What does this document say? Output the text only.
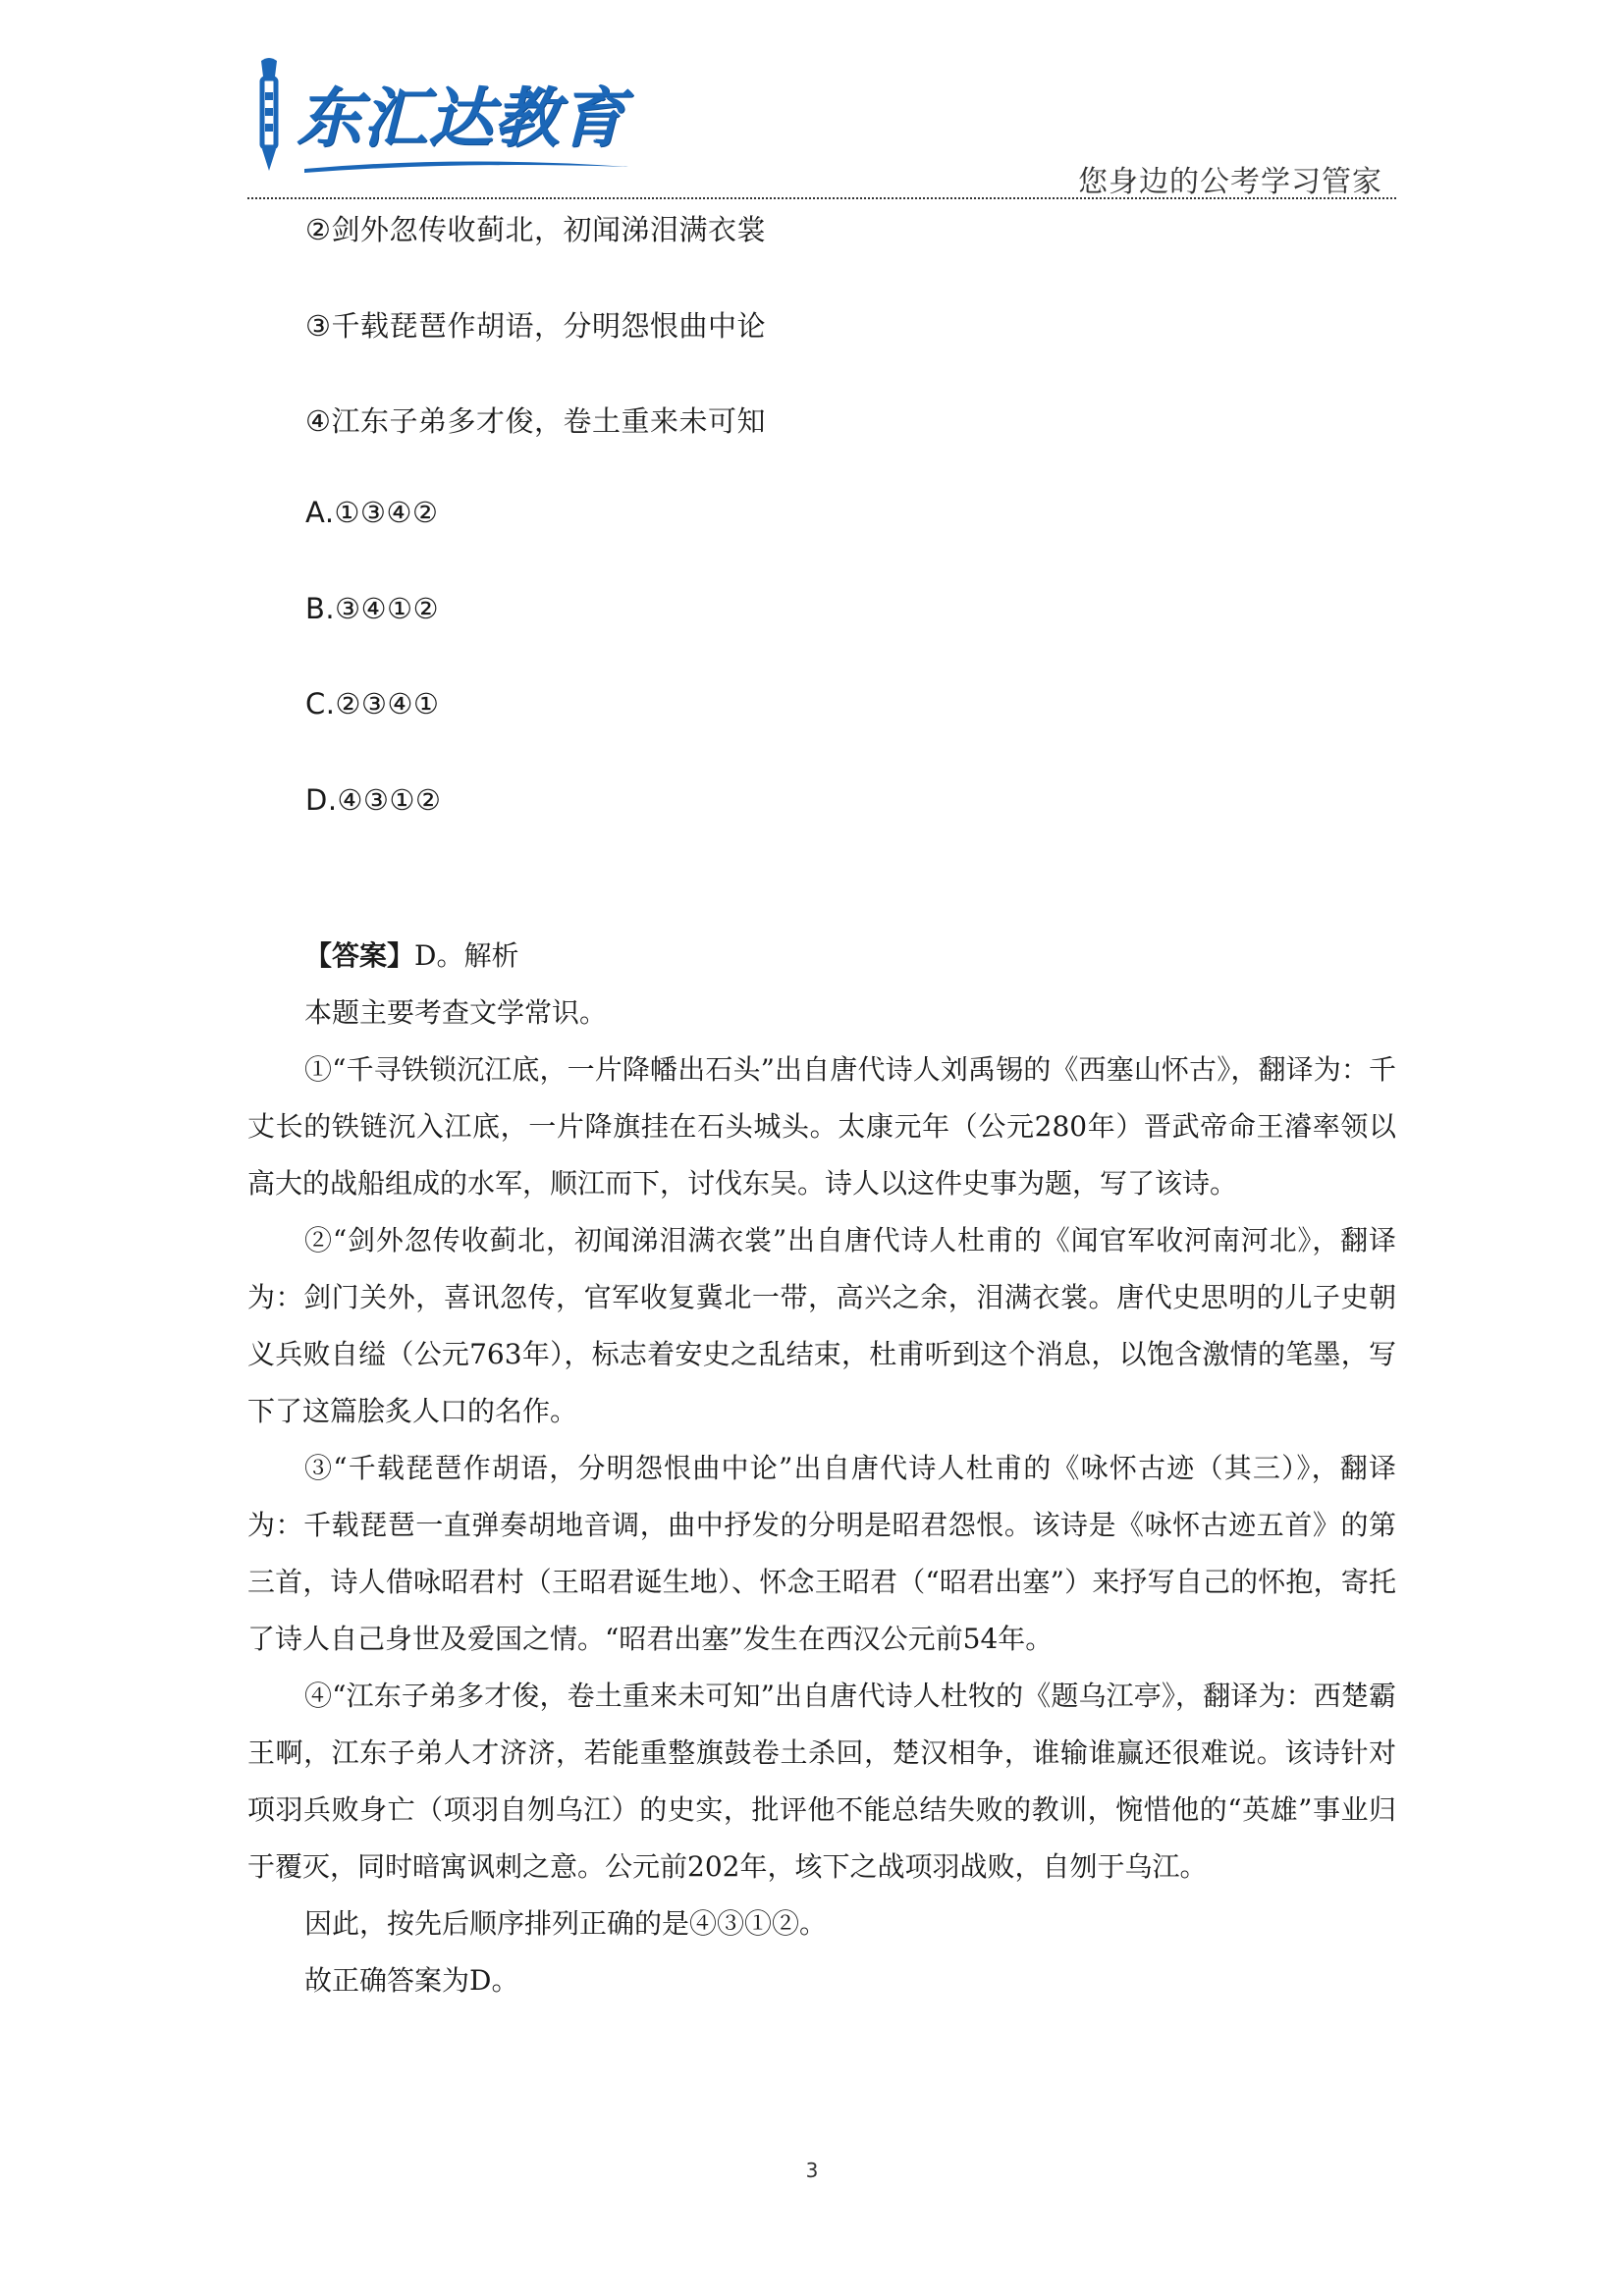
东汇达教育
您身边的公考学习管家
②剑外忽传收蓟北，初闻涕泪满衣裳
③千载琵琶作胡语，分明怨恨曲中论
④江东子弟多才俊，卷土重来未可知
A.①③④②
B.③④①②
C.②③④①
D.④③①②

【答案】D。解析

本题主要考查文学常识。

①“千寻铁锁沉江底，一片降幡出石头”出自唐代诗人刘禹锡的《西塞山怀古》，翻译为：千丈长的铁链沉入江底，一片降旗挂在石头城头。太康元年（公元280年）晋武帝命王濬率领以高大的战船组成的水军，顺江而下，讨伐东吴。诗人以这件史事为题，写了该诗。

②“剑外忽传收蓟北，初闻涕泪满衣裳”出自唐代诗人杜甫的《闻官军收河南河北》，翻译为：剑门关外，喜讯忽传，官军收复冀北一带，高兴之余，泪满衣裳。唐代史思明的儿子史朝义兵败自缢（公元763年），标志着安史之乱结束，杜甫听到这个消息，以饱含激情的笔墨，写下了这篇脍炙人口的名作。

③“千载琵琶作胡语，分明怨恨曲中论”出自唐代诗人杜甫的《咏怀古迹（其三）》，翻译为：千载琵琶一直弹奏胡地音调，曲中抒发的分明是昭君怨恨。该诗是《咏怀古迹五首》的第三首，诗人借咏昭君村（王昭君诞生地）、怀念王昭君（“昭君出塞”）来抒写自己的怀抱，寄托了诗人自己身世及爱国之情。“昭君出塞”发生在西汉公元前54年。

④“江东子弟多才俊，卷土重来未可知”出自唐代诗人杜牧的《题乌江亭》，翻译为：西楚霸王啊，江东子弟人才济济，若能重整旗鼓卷土杀回，楚汉相争，谁输谁赢还很难说。该诗针对项羽兵败身亡（项羽自刎乌江）的史实，批评他不能总结失败的教训，惋惜他的“英雄”事业归于覆灭，同时暗寓讽刺之意。公元前202年，垓下之战项羽战败，自刎于乌江。

因此，按先后顺序排列正确的是④③①②。

故正确答案为D。

3
